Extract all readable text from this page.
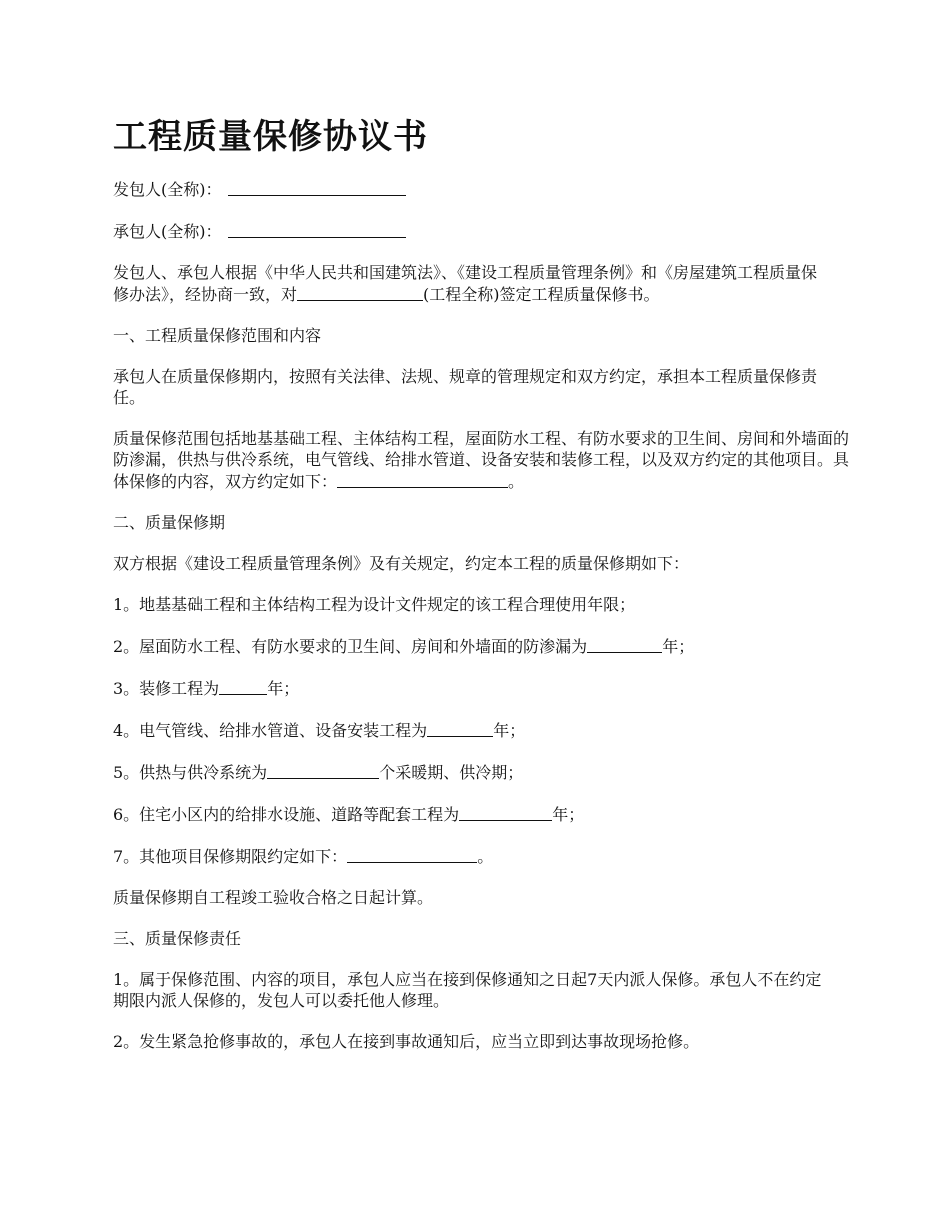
工程质量保修协议书

发包人(全称)：

承包人(全称)：

发包人、承包人根据《中华人民共和国建筑法》、《建设工程质量管理条例》和《房屋建筑工程质量保修办法》，经协商一致，对	(工程全称)签定工程质量保修书。

一、工程质量保修范围和内容

承包人在质量保修期内，按照有关法律、法规、规章的管理规定和双方约定，承担本工程质量保修责任。

质量保修范围包括地基基础工程、主体结构工程，屋面防水工程、有防水要求的卫生间、房间和外墙面的防渗漏，供热与供冷系统，电气管线、给排水管道、设备安装和装修工程，以及双方约定的其他项目。具体保修的内容，双方约定如下：	。

二、质量保修期

双方根据《建设工程质量管理条例》及有关规定，约定本工程的质量保修期如下：

1。地基基础工程和主体结构工程为设计文件规定的该工程合理使用年限；

2。屋面防水工程、有防水要求的卫生间、房间和外墙面的防渗漏为	年；

3。装修工程为	年；

4。电气管线、给排水管道、设备安装工程为	年；

5。供热与供冷系统为	个采暖期、供冷期；

6。住宅小区内的给排水设施、道路等配套工程为	年；

7。其他项目保修期限约定如下：	。

质量保修期自工程竣工验收合格之日起计算。

三、质量保修责任

1。属于保修范围、内容的项目，承包人应当在接到保修通知之日起7天内派人保修。承包人不在约定期限内派人保修的，发包人可以委托他人修理。

2。发生紧急抢修事故的，承包人在接到事故通知后，应当立即到达事故现场抢修。
